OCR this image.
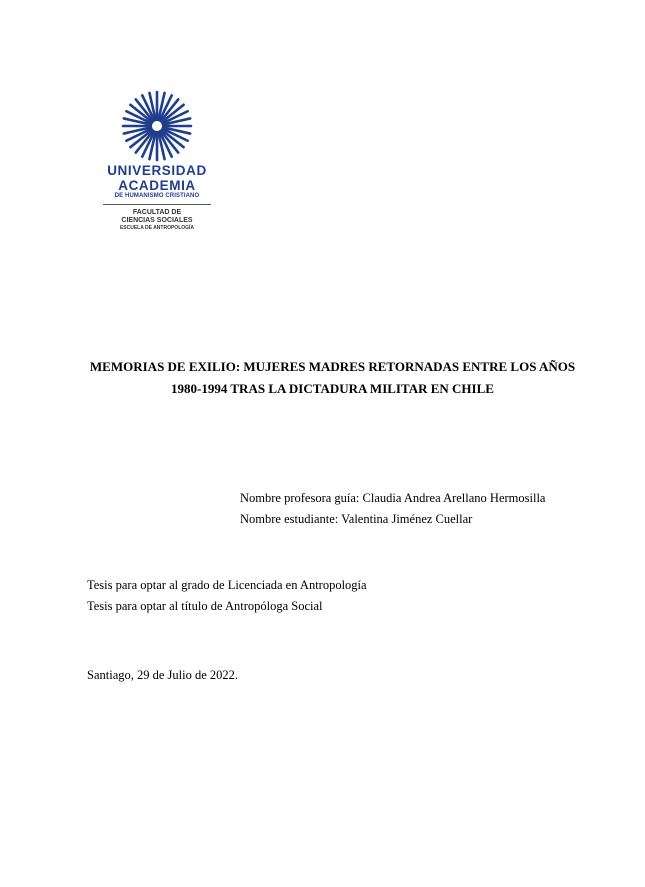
UNIVERSIDAD
ACADEMIA
DE HUMANISMO CRISTIANO
FACULTAD DE
CIENCIAS SOCIALES
ESCUELA DE ANTROPOLOGÍA
MEMORIAS DE EXILIO: MUJERES MADRES RETORNADAS ENTRE LOS AÑOS
1980-1994 TRAS LA DICTADURA MILITAR EN CHILE
Nombre profesora guía: Claudia Andrea Arellano Hermosilla
Nombre estudiante: Valentina Jiménez Cuellar
Tesis para optar al grado de Licenciada en Antropología
Tesis para optar al título de Antropóloga Social
Santiago, 29 de Julio de 2022.
